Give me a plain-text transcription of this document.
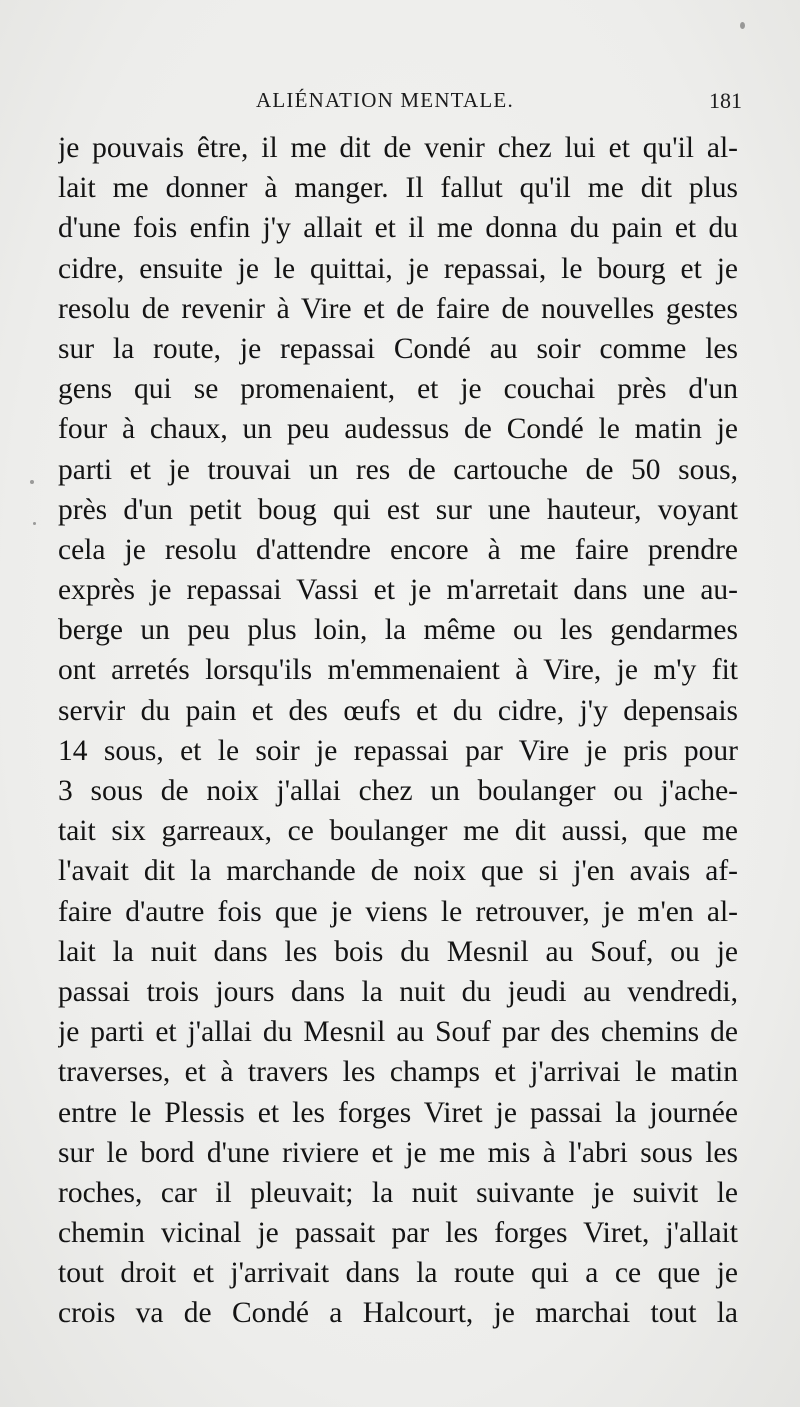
ALIÉNATION MENTALE.	181
je pouvais être, il me dit de venir chez lui et qu'il al-
lait me donner à manger. Il fallut qu'il me dit plus
d'une fois enfin j'y allait et il me donna du pain et du
cidre, ensuite je le quittai, je repassai, le bourg et je
resolu de revenir à Vire et de faire de nouvelles gestes
sur la route, je repassai Condé au soir comme les
gens qui se promenaient, et je couchai près d'un
four à chaux, un peu audessus de Condé le matin je
parti et je trouvai un res de cartouche de 50 sous,
près d'un petit boug qui est sur une hauteur, voyant
cela je resolu d'attendre encore à me faire prendre
exprès je repassai Vassi et je m'arretait dans une au-
berge un peu plus loin, la même ou les gendarmes
ont arretés lorsqu'ils m'emmenaient à Vire, je m'y fit
servir du pain et des œufs et du cidre, j'y depensais
14 sous, et le soir je repassai par Vire je pris pour
3 sous de noix j'allai chez un boulanger ou j'ache-
tait six garreaux, ce boulanger me dit aussi, que me
l'avait dit la marchande de noix que si j'en avais af-
faire d'autre fois que je viens le retrouver, je m'en al-
lait la nuit dans les bois du Mesnil au Souf, ou je
passai trois jours dans la nuit du jeudi au vendredi,
je parti et j'allai du Mesnil au Souf par des chemins de
traverses, et à travers les champs et j'arrivai le matin
entre le Plessis et les forges Viret je passai la journée
sur le bord d'une riviere et je me mis à l'abri sous les
roches, car il pleuvait; la nuit suivante je suivit le
chemin vicinal je passait par les forges Viret, j'allait
tout droit et j'arrivait dans la route qui a ce que je
crois va de Condé a Halcourt, je marchai tout la
